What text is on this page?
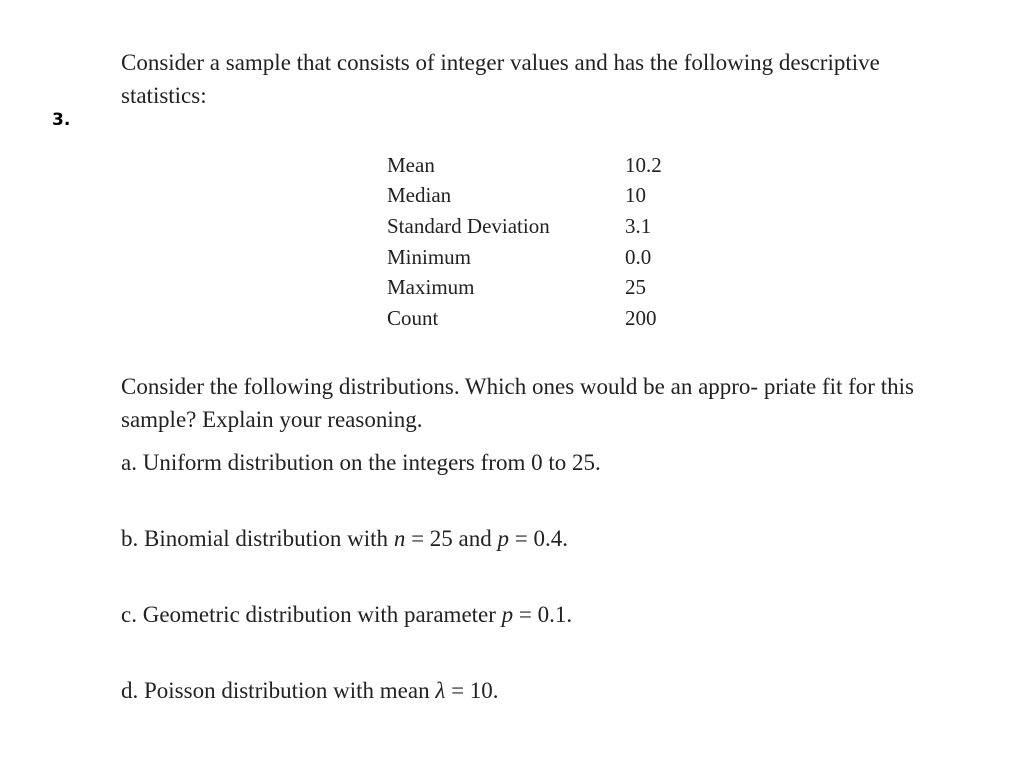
3.
Consider a sample that consists of integer values and has the following descriptive statistics:
Mean	10.2
Median	10
Standard Deviation	3.1
Minimum	0.0
Maximum	25
Count	200
Consider the following distributions. Which ones would be an appro- priate fit for this sample? Explain your reasoning.
a. Uniform distribution on the integers from 0 to 25.
b. Binomial distribution with n = 25 and p = 0.4.
c. Geometric distribution with parameter p = 0.1.
d. Poisson distribution with mean λ = 10.
